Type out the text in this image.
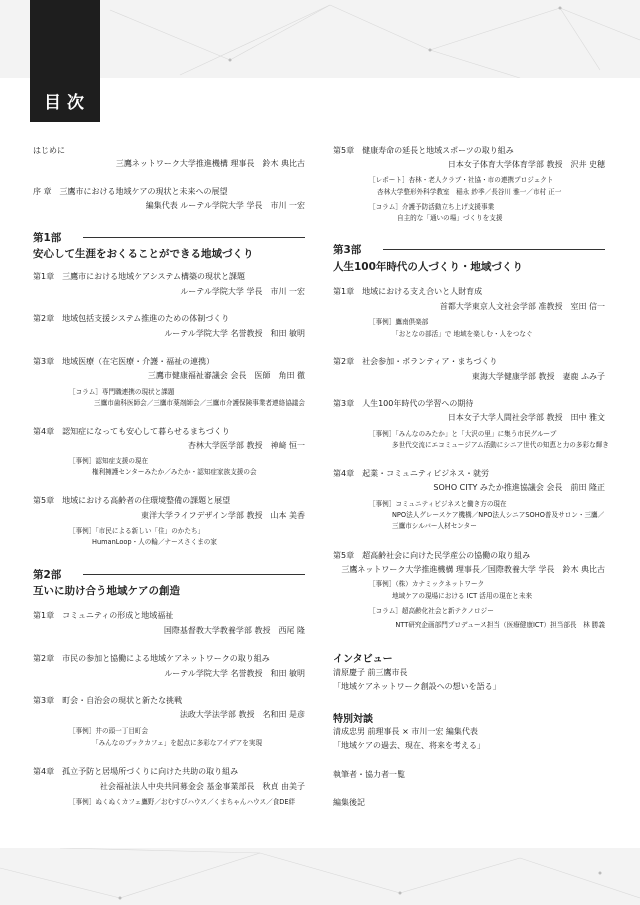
目次
はじめに
三鷹ネットワーク大学推進機構 理事長　鈴木 典比古
序 章　三鷹市における地域ケアの現状と未来への展望
編集代表 ルーテル学院大学 学長　市川 一宏
第1部
安心して生涯をおくることができる地域づくり
第1章　三鷹市における地域ケアシステム構築の現状と課題
ルーテル学院大学 学長　市川 一宏
第2章　地域包括支援システム推進のための体制づくり
ルーテル学院大学 名誉教授　和田 敏明
第3章　地域医療（在宅医療・介護・福祉の連携）
三鷹市健康福祉審議会 会長　医師　角田 徹
［コラム］専門職連携の現状と課題
三鷹市歯科医師会／三鷹市薬剤師会／三鷹市介護保険事業者連絡協議会
第4章　認知症になっても安心して暮らせるまちづくり
杏林大学医学部 教授　神﨑 恒一
［事例］認知症支援の現在
権利擁護センターみたか／みたか・認知症家族支援の会
第5章　地域における高齢者の住環境整備の課題と展望
東洋大学ライフデザイン学部 教授　山本 美香
［事例］「市民による新しい「住」のかたち」
HumanLoop・人の輪／ナースさくまの家
第2部
互いに助け合う地域ケアの創造
第1章　コミュニティの形成と地域福祉
国際基督教大学教養学部 教授　西尾 隆
第2章　市民の参加と協働による地域ケアネットワークの取り組み
ルーテル学院大学 名誉教授　和田 敏明
第3章　町会・自治会の現状と新たな挑戦
法政大学法学部 教授　名和田 是彦
［事例］井の頭一丁目町会
「みんなのブックカフェ」を起点に多彩なアイデアを実現
第4章　孤立予防と居場所づくりに向けた共助の取り組み
社会福祉法人中央共同募金会 基金事業部長　秋貞 由美子
［事例］ぬくぬくカフェ鷹野／おむすびハウス／くまちゃんハウス／食DE絆
第5章　健康寿命の延長と地域スポーツの取り組み
日本女子体育大学体育学部 教授　沢井 史穂
［レポート］杏林・老人クラブ・社協・市の連携プロジェクト
杏林大学整形外科学教室　稲永 紗季／長谷川 雅一／市村 正一
［コラム］介護予防活動立ち上げ支援事業
自主的な「通いの場」づくりを支援
第3部
人生100年時代の人づくり・地域づくり
第1章　地域における支え合いと人財育成
首都大学東京人文社会学部 准教授　室田 信一
［事例］鷹南倶楽部
「おとなの部活」で 地域を楽しむ・人をつなぐ
第2章　社会参加・ボランティア・まちづくり
東海大学健康学部 教授　妻鹿 ふみ子
第3章　人生100年時代の学習への期待
日本女子大学人間社会学部 教授　田中 雅文
［事例］「みんなのみたか」と「大沢の里」に集う市民グループ
多世代交流にエコミュージアム活動にシニア世代の知恵と力の多彩な輝き
第4章　起業・コミュニティビジネス・就労
SOHO CITY みたか推進協議会 会長　前田 隆正
［事例］コミュニティビジネスと働き方の現在
NPO法人グレースケア機構／NPO法人シニアSOHO普及サロン・三鷹／
三鷹市シルバー人材センター
第5章　超高齢社会に向けた民学産公の協働の取り組み
三鷹ネットワーク大学推進機構 理事長／国際教養大学 学長　鈴木 典比古
［事例］（株）カナミックネットワーク
地域ケアの現場における ICT 活用の現在と未来
［コラム］超高齢化社会と新テクノロジー
NTT研究企画部門プロデュース担当（医療健康ICT）担当部長　林 勝義
インタビュー
清原慶子 前三鷹市長
「地域ケアネットワーク創設への想いを語る」
特別対談
清成忠男 前理事長 × 市川一宏 編集代表
「地域ケアの過去、現在、将来を考える」
執筆者・協力者一覧
編集後記
